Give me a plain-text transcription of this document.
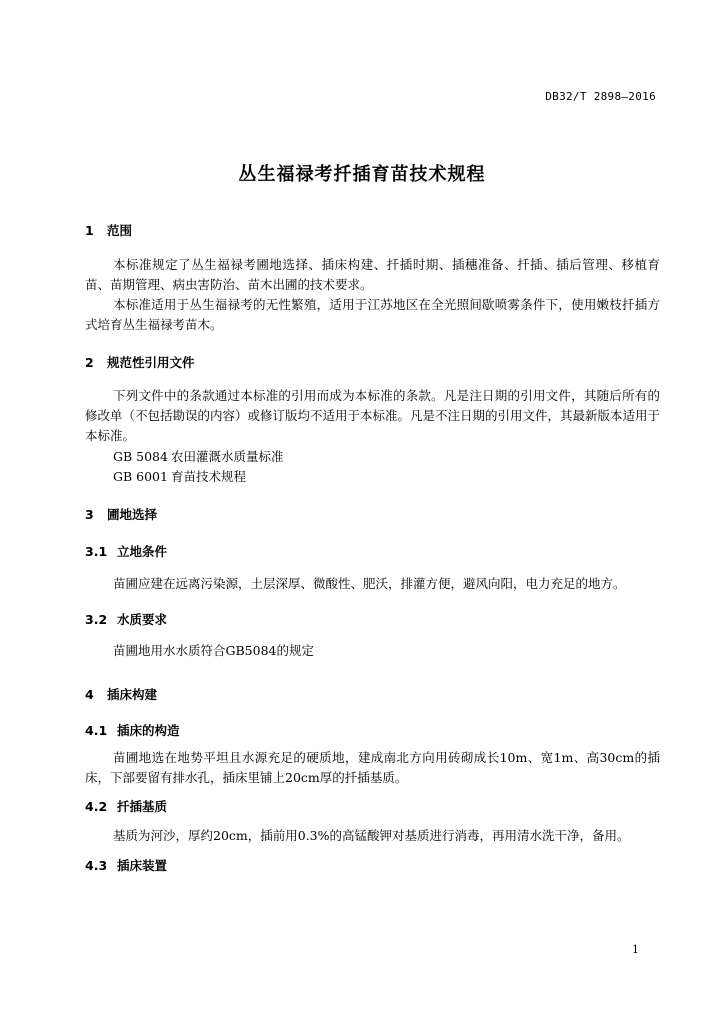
DB32/T 2898—2016
丛生福禄考扦插育苗技术规程
1 范围
本标准规定了丛生福禄考圃地选择、插床构建、扦插时期、插穗准备、扦插、插后管理、移植育苗、苗期管理、病虫害防治、苗木出圃的技术要求。
本标准适用于丛生福禄考的无性繁殖，适用于江苏地区在全光照间歇喷雾条件下，使用嫩枝扦插方式培育丛生福禄考苗木。
2 规范性引用文件
下列文件中的条款通过本标准的引用而成为本标准的条款。凡是注日期的引用文件，其随后所有的修改单（不包括勘误的内容）或修订版均不适用于本标准。凡是不注日期的引用文件，其最新版本适用于本标准。
GB 5084 农田灌溉水质量标准
GB 6001 育苗技术规程
3 圃地选择
3.1 立地条件
苗圃应建在远离污染源，土层深厚、微酸性、肥沃，排灌方便，避风向阳，电力充足的地方。
3.2 水质要求
苗圃地用水水质符合GB5084的规定
4 插床构建
4.1 插床的构造
苗圃地选在地势平坦且水源充足的硬质地，建成南北方向用砖砌成长10m、宽1m、高30cm的插床，下部要留有排水孔，插床里铺上20cm厚的扦插基质。
4.2 扦插基质
基质为河沙，厚约20cm，插前用0.3%的高锰酸钾对基质进行消毒，再用清水洗干净，备用。
4.3 插床装置
1
